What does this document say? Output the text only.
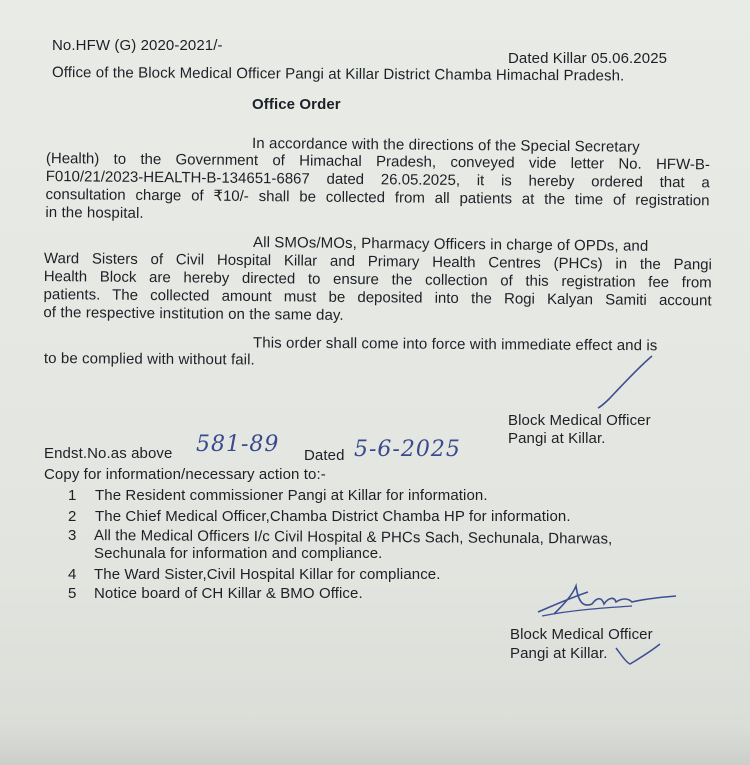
No.HFW (G) 2020-2021/-
Dated Killar 05.06.2025
Office of the Block Medical Officer Pangi at Killar District Chamba Himachal Pradesh.
Office Order
In accordance with the directions of the Special Secretary
(Health) to the Government of Himachal Pradesh, conveyed vide letter No. HFW-B-
F010/21/2023-HEALTH-B-134651-6867 dated 26.05.2025, it is hereby ordered that a
consultation charge of ₹10/- shall be collected from all patients at the time of registration
in the hospital.
All SMOs/MOs, Pharmacy Officers in charge of OPDs, and
Ward Sisters of Civil Hospital Killar and Primary Health Centres (PHCs) in the Pangi
Health Block are hereby directed to ensure the collection of this registration fee from
patients. The collected amount must be deposited into the Rogi Kalyan Samiti account
of the respective institution on the same day.
This order shall come into force with immediate effect and is
to be complied with without fail.
Block Medical Officer
Pangi at Killar.
Endst.No.as above 581-89 Dated 5-6-2025
Copy for information/necessary action to:-
1 The Resident commissioner Pangi at Killar for information.
2 The Chief Medical Officer,Chamba District Chamba HP for information.
3 All the Medical Officers I/c Civil Hospital & PHCs Sach, Sechunala, Dharwas,
Sechunala for information and compliance.
4 The Ward Sister,Civil Hospital Killar for compliance.
5 Notice board of CH Killar & BMO Office.
Block Medical Officer
Pangi at Killar.
